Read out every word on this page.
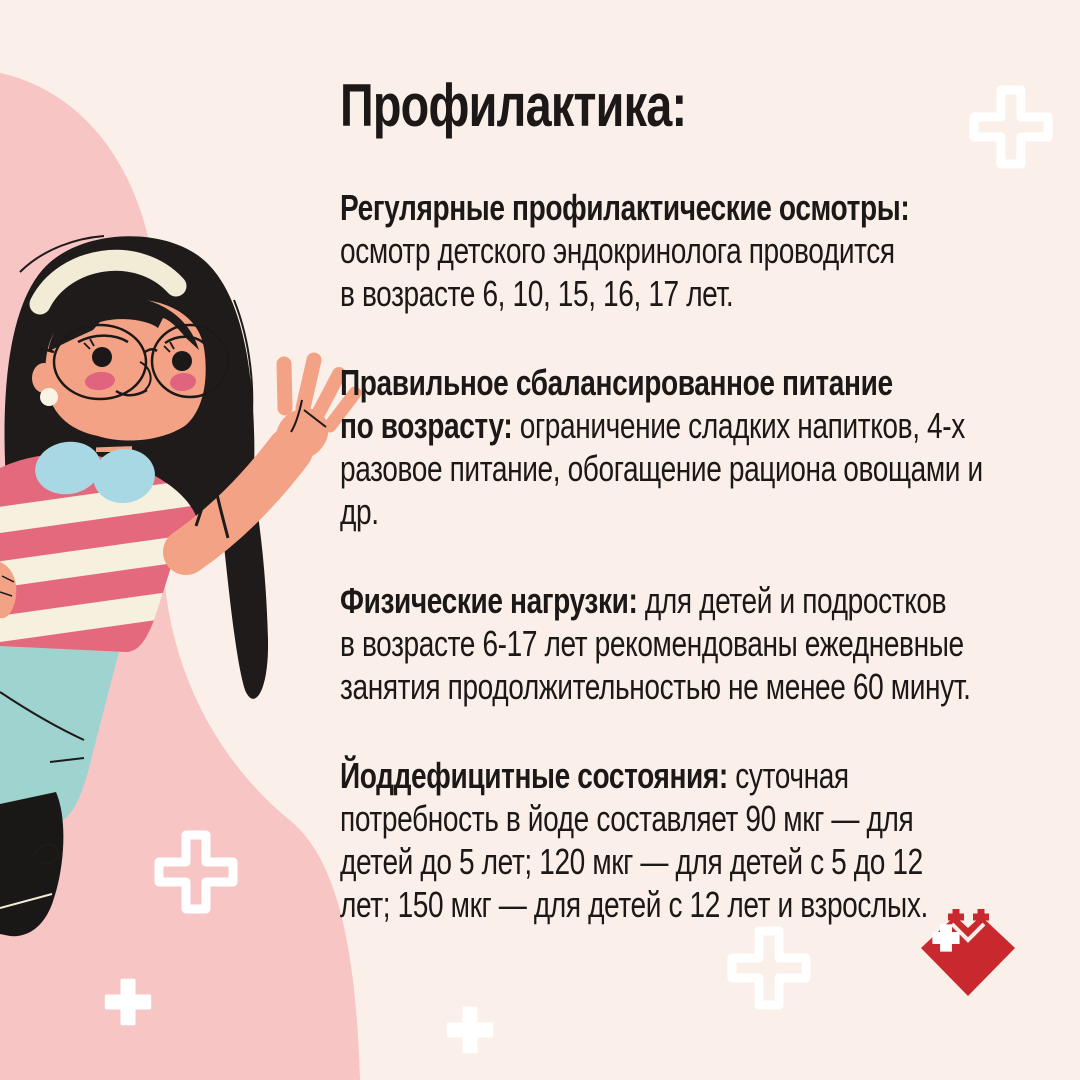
Профилактика:

Регулярные профилактические осмотры:
осмотр детского эндокринолога проводится
в возрасте 6, 10, 15, 16, 17 лет.

Правильное сбалансированное питание
по возрасту: ограничение сладких напитков, 4-х
разовое питание, обогащение рациона овощами и др.

Физические нагрузки: для детей и подростков
в возрасте 6-17 лет рекомендованы ежедневные
занятия продолжительностью не менее 60 минут.

Йоддефицитные состояния: суточная
потребность в йоде составляет 90 мкг — для
детей до 5 лет; 120 мкг — для детей с 5 до 12
лет; 150 мкг — для детей с 12 лет и взрослых.
